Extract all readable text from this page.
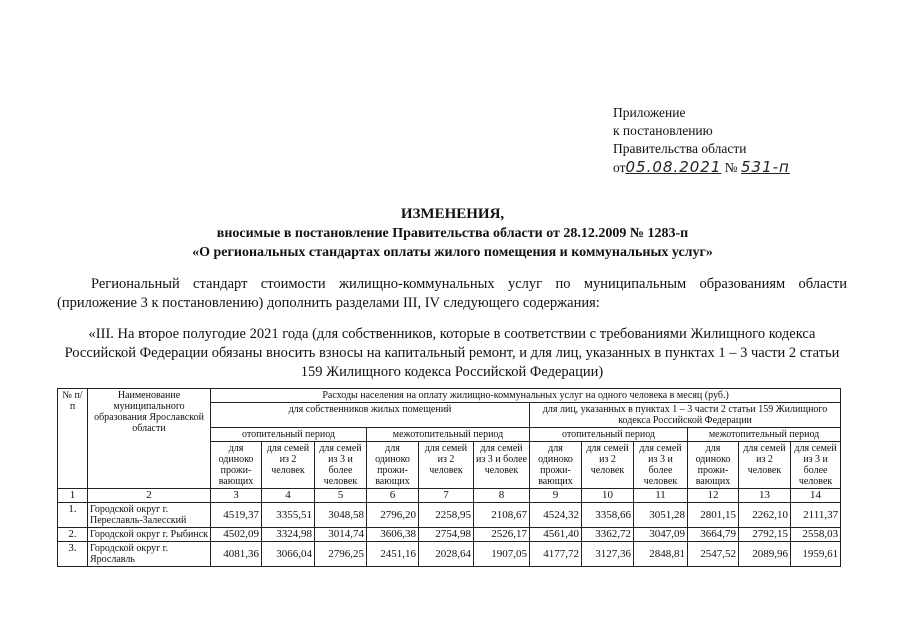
Приложение
к постановлению
Правительства области
от05.08.2021 № 531-п
ИЗМЕНЕНИЯ,
вносимые в постановление Правительства области от 28.12.2009 № 1283-п
«О региональных стандартах оплаты жилого помещения и коммунальных услуг»
Региональный стандарт стоимости жилищно-коммунальных услуг по муниципальным образованиям области (приложение 3 к постановлению) дополнить разделами III, IV следующего содержания:
«III. На второе полугодие 2021 года (для собственников, которые в соответствии с требованиями Жилищного кодекса Российской Федерации обязаны вносить взносы на капитальный ремонт, и для лиц, указанных в пунктах 1 – 3 части 2 статьи 159 Жилищного кодекса Российской Федерации)
№ п/п	Наименование муниципального образования Ярославской области	Расходы населения на оплату жилищно-коммунальных услуг на одного человека в месяц (руб.)											
		для собственников жилых помещений						для лиц, указанных в пунктах 1 – 3 части 2 статьи 159 Жилищного кодекса Российской Федерации					
		отопительный период			межотопительный период			отопительный период			межотопительный период		
		для одиноко прожи-вающих	для семей из 2 человек	для семей из 3 и более человек	для одиноко прожи-вающих	для семей из 2 человек	для семей из 3 и более человек	для одиноко прожи-вающих	для семей из 2 человек	для семей из 3 и более человек	для одиноко прожи-вающих	для семей из 2 человек	для семей из 3 и более человек
1	2	3	4	5	6	7	8	9	10	11	12	13	14
1.	Городской округ г. Переславль-Залесский	4519,37	3355,51	3048,58	2796,20	2258,95	2108,67	4524,32	3358,66	3051,28	2801,15	2262,10	2111,37
2.	Городской округ г. Рыбинск	4502,09	3324,98	3014,74	3606,38	2754,98	2526,17	4561,40	3362,72	3047,09	3664,79	2792,15	2558,03
3.	Городской округ г. Ярославль	4081,36	3066,04	2796,25	2451,16	2028,64	1907,05	4177,72	3127,36	2848,81	2547,52	2089,96	1959,61
